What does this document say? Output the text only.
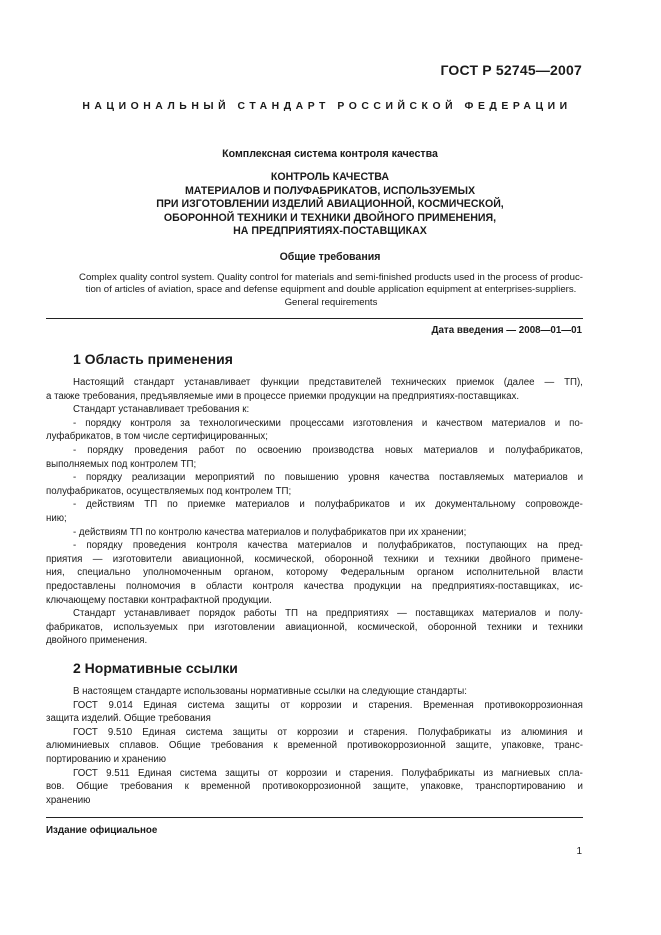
ГОСТ Р 52745—2007
НАЦИОНАЛЬНЫЙ СТАНДАРТ РОССИЙСКОЙ ФЕДЕРАЦИИ
Комплексная система контроля качества
КОНТРОЛЬ КАЧЕСТВА
МАТЕРИАЛОВ И ПОЛУФАБРИКАТОВ, ИСПОЛЬЗУЕМЫХ
ПРИ ИЗГОТОВЛЕНИИ ИЗДЕЛИЙ АВИАЦИОННОЙ, КОСМИЧЕСКОЙ,
ОБОРОННОЙ ТЕХНИКИ И ТЕХНИКИ ДВОЙНОГО ПРИМЕНЕНИЯ,
НА ПРЕДПРИЯТИЯХ-ПОСТАВЩИКАХ
Общие требования
Complex quality control system. Quality control for materials and semi-finished products used in the process of produc-
tion of articles of aviation, space and defense equipment and double application equipment at enterprises-suppliers.
General requirements
Дата введения — 2008—01—01
1 Область применения
Настоящий стандарт устанавливает функции представителей технических приемок (далее — ТП),
а также требования, предъявляемые ими в процессе приемки продукции на предприятиях-поставщиках.
Стандарт устанавливает требования к:
- порядку контроля за технологическими процессами изготовления и качеством материалов и по-
луфабрикатов, в том числе сертифицированных;
- порядку проведения работ по освоению производства новых материалов и полуфабрикатов,
выполняемых под контролем ТП;
- порядку реализации мероприятий по повышению уровня качества поставляемых материалов и
полуфабрикатов, осуществляемых под контролем ТП;
- действиям ТП по приемке материалов и полуфабрикатов и их документальному сопровожде-
нию;
- действиям ТП по контролю качества материалов и полуфабрикатов при их хранении;
- порядку проведения контроля качества материалов и полуфабрикатов, поступающих на пред-
приятия — изготовители авиационной, космической, оборонной техники и техники двойного примене-
ния, специально уполномоченным органом, которому Федеральным органом исполнительной власти
предоставлены полномочия в области контроля качества продукции на предприятиях-поставщиках, ис-
ключающему поставки контрафактной продукции.
Стандарт устанавливает порядок работы ТП на предприятиях — поставщиках материалов и полу-
фабрикатов, используемых при изготовлении авиационной, космической, оборонной техники и техники
двойного применения.
2 Нормативные ссылки
В настоящем стандарте использованы нормативные ссылки на следующие стандарты:
ГОСТ 9.014 Единая система защиты от коррозии и старения. Временная противокоррозионная
защита изделий. Общие требования
ГОСТ 9.510 Единая система защиты от коррозии и старения. Полуфабрикаты из алюминия и
алюминиевых сплавов. Общие требования к временной противокоррозионной защите, упаковке, транс-
портированию и хранению
ГОСТ 9.511 Единая система защиты от коррозии и старения. Полуфабрикаты из магниевых спла-
вов. Общие требования к временной противокоррозионной защите, упаковке, транспортированию и
хранению
Издание официальное
1
